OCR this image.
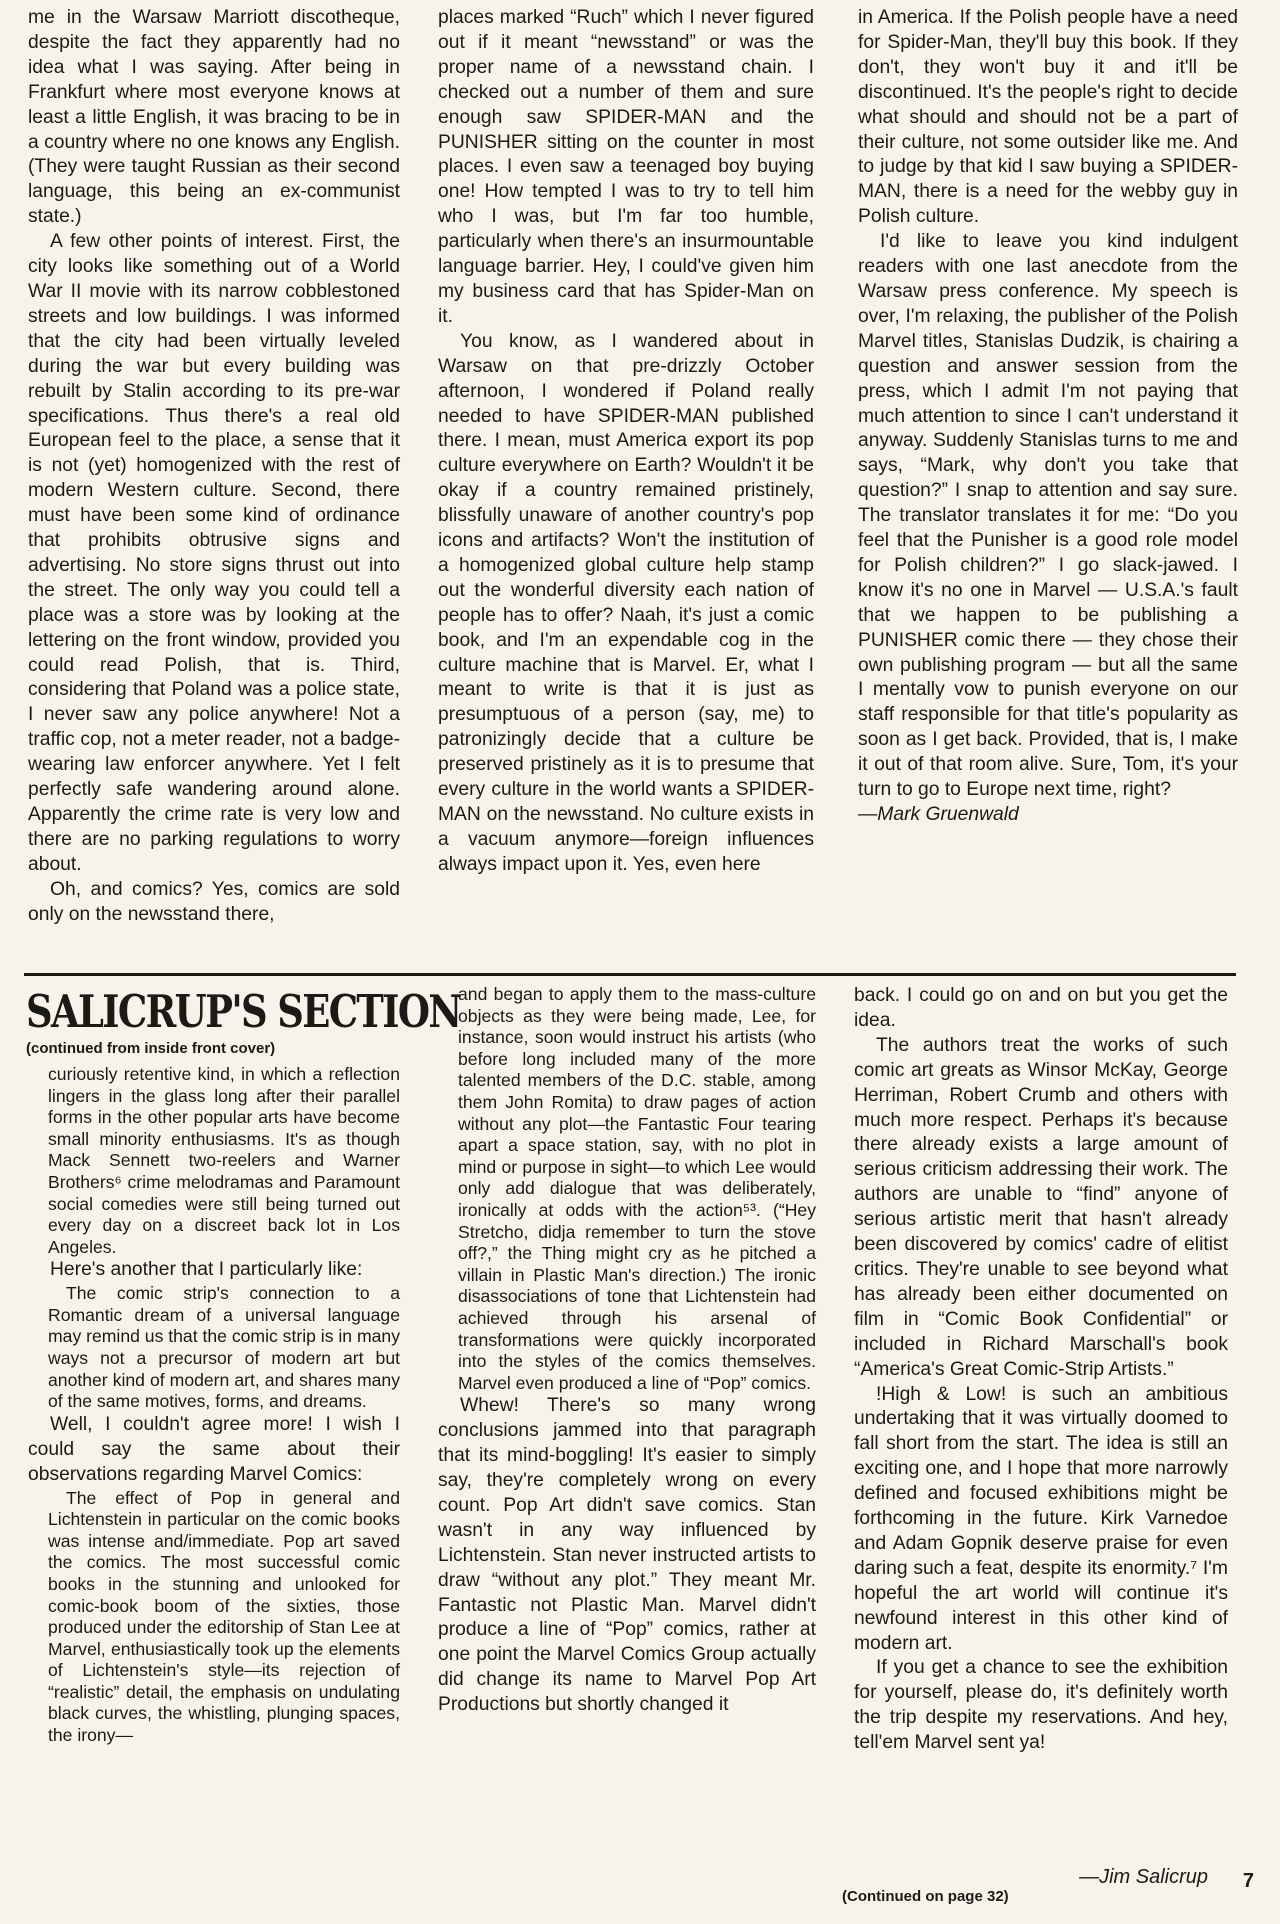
me in the Warsaw Marriott discotheque, despite the fact they apparently had no idea what I was saying. After being in Frankfurt where most everyone knows at least a little English, it was bracing to be in a country where no one knows any English. (They were taught Russian as their second language, this being an ex-communist state.)

A few other points of interest. First, the city looks like something out of a World War II movie with its narrow cobblestoned streets and low buildings. I was informed that the city had been virtually leveled during the war but every building was rebuilt by Stalin according to its pre-war specifications. Thus there's a real old European feel to the place, a sense that it is not (yet) homogenized with the rest of modern Western culture. Second, there must have been some kind of ordinance that prohibits obtrusive signs and advertising. No store signs thrust out into the street. The only way you could tell a place was a store was by looking at the lettering on the front window, provided you could read Polish, that is. Third, considering that Poland was a police state, I never saw any police anywhere! Not a traffic cop, not a meter reader, not a badge-wearing law enforcer anywhere. Yet I felt perfectly safe wandering around alone. Apparently the crime rate is very low and there are no parking regulations to worry about.

Oh, and comics? Yes, comics are sold only on the newsstand there,

places marked “Ruch” which I never figured out if it meant “newsstand” or was the proper name of a newsstand chain. I checked out a number of them and sure enough saw SPIDER-MAN and the PUNISHER sitting on the counter in most places. I even saw a teenaged boy buying one! How tempted I was to try to tell him who I was, but I'm far too humble, particularly when there's an insurmountable language barrier. Hey, I could've given him my business card that has Spider-Man on it.

You know, as I wandered about in Warsaw on that pre-drizzly October afternoon, I wondered if Poland really needed to have SPIDER-MAN published there. I mean, must America export its pop culture everywhere on Earth? Wouldn't it be okay if a country remained pristinely, blissfully unaware of another country's pop icons and artifacts? Won't the institution of a homogenized global culture help stamp out the wonderful diversity each nation of people has to offer? Naah, it's just a comic book, and I'm an expendable cog in the culture machine that is Marvel. Er, what I meant to write is that it is just as presumptuous of a person (say, me) to patronizingly decide that a culture be preserved pristinely as it is to presume that every culture in the world wants a SPIDER-MAN on the newsstand. No culture exists in a vacuum anymore—foreign influences always impact upon it. Yes, even here

in America. If the Polish people have a need for Spider-Man, they'll buy this book. If they don't, they won't buy it and it'll be discontinued. It's the people's right to decide what should and should not be a part of their culture, not some outsider like me. And to judge by that kid I saw buying a SPIDER-MAN, there is a need for the webby guy in Polish culture.

I'd like to leave you kind indulgent readers with one last anecdote from the Warsaw press conference. My speech is over, I'm relaxing, the publisher of the Polish Marvel titles, Stanislas Dudzik, is chairing a question and answer session from the press, which I admit I'm not paying that much attention to since I can't understand it anyway. Suddenly Stanislas turns to me and says, “Mark, why don't you take that question?” I snap to attention and say sure. The translator translates it for me: “Do you feel that the Punisher is a good role model for Polish children?” I go slack-jawed. I know it's no one in Marvel — U.S.A.'s fault that we happen to be publishing a PUNISHER comic there — they chose their own publishing program — but all the same I mentally vow to punish everyone on our staff responsible for that title's popularity as soon as I get back. Provided, that is, I make it out of that room alive. Sure, Tom, it's your turn to go to Europe next time, right?

—Mark Gruenwald

SALICRUP'S SECTION
(continued from inside front cover)

curiously retentive kind, in which a reflection lingers in the glass long after their parallel forms in the other popular arts have become small minority enthusiasms. It's as though Mack Sennett two-reelers and Warner Brothers⁶ crime melodramas and Paramount social comedies were still being turned out every day on a discreet back lot in Los Angeles.

Here's another that I particularly like:

The comic strip's connection to a Romantic dream of a universal language may remind us that the comic strip is in many ways not a precursor of modern art but another kind of modern art, and shares many of the same motives, forms, and dreams.

Well, I couldn't agree more! I wish I could say the same about their observations regarding Marvel Comics:

The effect of Pop in general and Lichtenstein in particular on the comic books was intense and/immediate. Pop art saved the comics. The most successful comic books in the stunning and unlooked for comic-book boom of the sixties, those produced under the editorship of Stan Lee at Marvel, enthusiastically took up the elements of Lichtenstein's style—its rejection of “realistic” detail, the emphasis on undulating black curves, the whistling, plunging spaces, the irony—

and began to apply them to the mass-culture objects as they were being made, Lee, for instance, soon would instruct his artists (who before long included many of the more talented members of the D.C. stable, among them John Romita) to draw pages of action without any plot—the Fantastic Four tearing apart a space station, say, with no plot in mind or purpose in sight—to which Lee would only add dialogue that was deliberately, ironically at odds with the action⁵³. (“Hey Stretcho, didja remember to turn the stove off?,” the Thing might cry as he pitched a villain in Plastic Man's direction.) The ironic disassociations of tone that Lichtenstein had achieved through his arsenal of transformations were quickly incorporated into the styles of the comics themselves. Marvel even produced a line of “Pop” comics.

Whew! There's so many wrong conclusions jammed into that paragraph that its mind-boggling! It's easier to simply say, they're completely wrong on every count. Pop Art didn't save comics. Stan wasn't in any way influenced by Lichtenstein. Stan never instructed artists to draw “without any plot.” They meant Mr. Fantastic not Plastic Man. Marvel didn't produce a line of “Pop” comics, rather at one point the Marvel Comics Group actually did change its name to Marvel Pop Art Productions but shortly changed it

back. I could go on and on but you get the idea.

The authors treat the works of such comic art greats as Winsor McKay, George Herriman, Robert Crumb and others with much more respect. Perhaps it's because there already exists a large amount of serious criticism addressing their work. The authors are unable to “find” anyone of serious artistic merit that hasn't already been discovered by comics' cadre of elitist critics. They're unable to see beyond what has already been either documented on film in “Comic Book Confidential” or included in Richard Marschall's book “America's Great Comic-Strip Artists.”

!High & Low! is such an ambitious undertaking that it was virtually doomed to fall short from the start. The idea is still an exciting one, and I hope that more narrowly defined and focused exhibitions might be forthcoming in the future. Kirk Varnedoe and Adam Gopnik deserve praise for even daring such a feat, despite its enormity.⁷ I'm hopeful the art world will continue it's newfound interest in this other kind of modern art.

If you get a chance to see the exhibition for yourself, please do, it's definitely worth the trip despite my reservations. And hey, tell'em Marvel sent ya!

—Jim Salicrup
(Continued on page 32)
7
